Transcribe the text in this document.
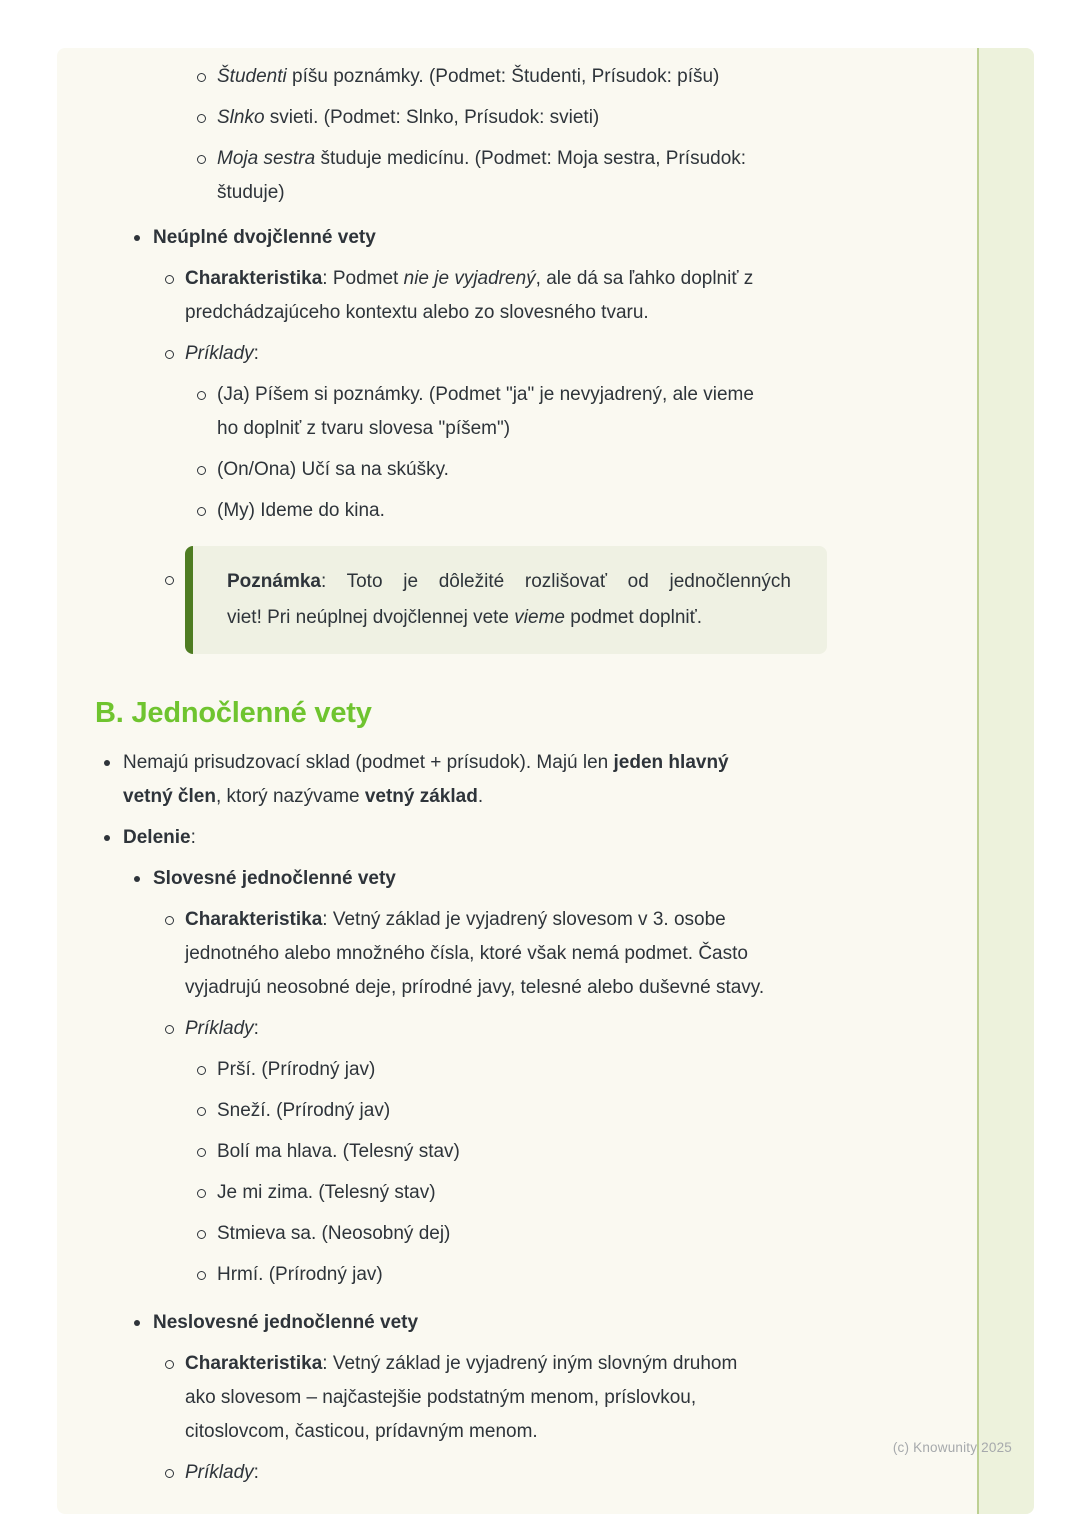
Študenti píšu poznámky. (Podmet: Študenti, Prísudok: píšu)
Slnko svieti. (Podmet: Slnko, Prísudok: svieti)
Moja sestra študuje medicínu. (Podmet: Moja sestra, Prísudok:
študuje)
Neúplné dvojčlenné vety
Charakteristika: Podmet nie je vyjadrený, ale dá sa ľahko doplniť z
predchádzajúceho kontextu alebo zo slovesného tvaru.
Príklady:
(Ja) Píšem si poznámky. (Podmet "ja" je nevyjadrený, ale vieme
ho doplniť z tvaru slovesa "píšem")
(On/Ona) Učí sa na skúšky.
(My) Ideme do kina.
Poznámka: Toto je dôležité rozlišovať od jednočlenných
viet! Pri neúplnej dvojčlennej vete vieme podmet doplniť.
B. Jednočlenné vety
Nemajú prisudzovací sklad (podmet + prísudok). Majú len jeden hlavný
vetný člen, ktorý nazývame vetný základ.
Delenie:
Slovesné jednočlenné vety
Charakteristika: Vetný základ je vyjadrený slovesom v 3. osobe
jednotného alebo množného čísla, ktoré však nemá podmet. Často
vyjadrujú neosobné deje, prírodné javy, telesné alebo duševné stavy.
Príklady:
Prší. (Prírodný jav)
Sneží. (Prírodný jav)
Bolí ma hlava. (Telesný stav)
Je mi zima. (Telesný stav)
Stmieva sa. (Neosobný dej)
Hrmí. (Prírodný jav)
Neslovesné jednočlenné vety
Charakteristika: Vetný základ je vyjadrený iným slovným druhom
ako slovesom – najčastejšie podstatným menom, príslovkou,
citoslovcom, časticou, prídavným menom.
Príklady:
(c) Knowunity 2025
